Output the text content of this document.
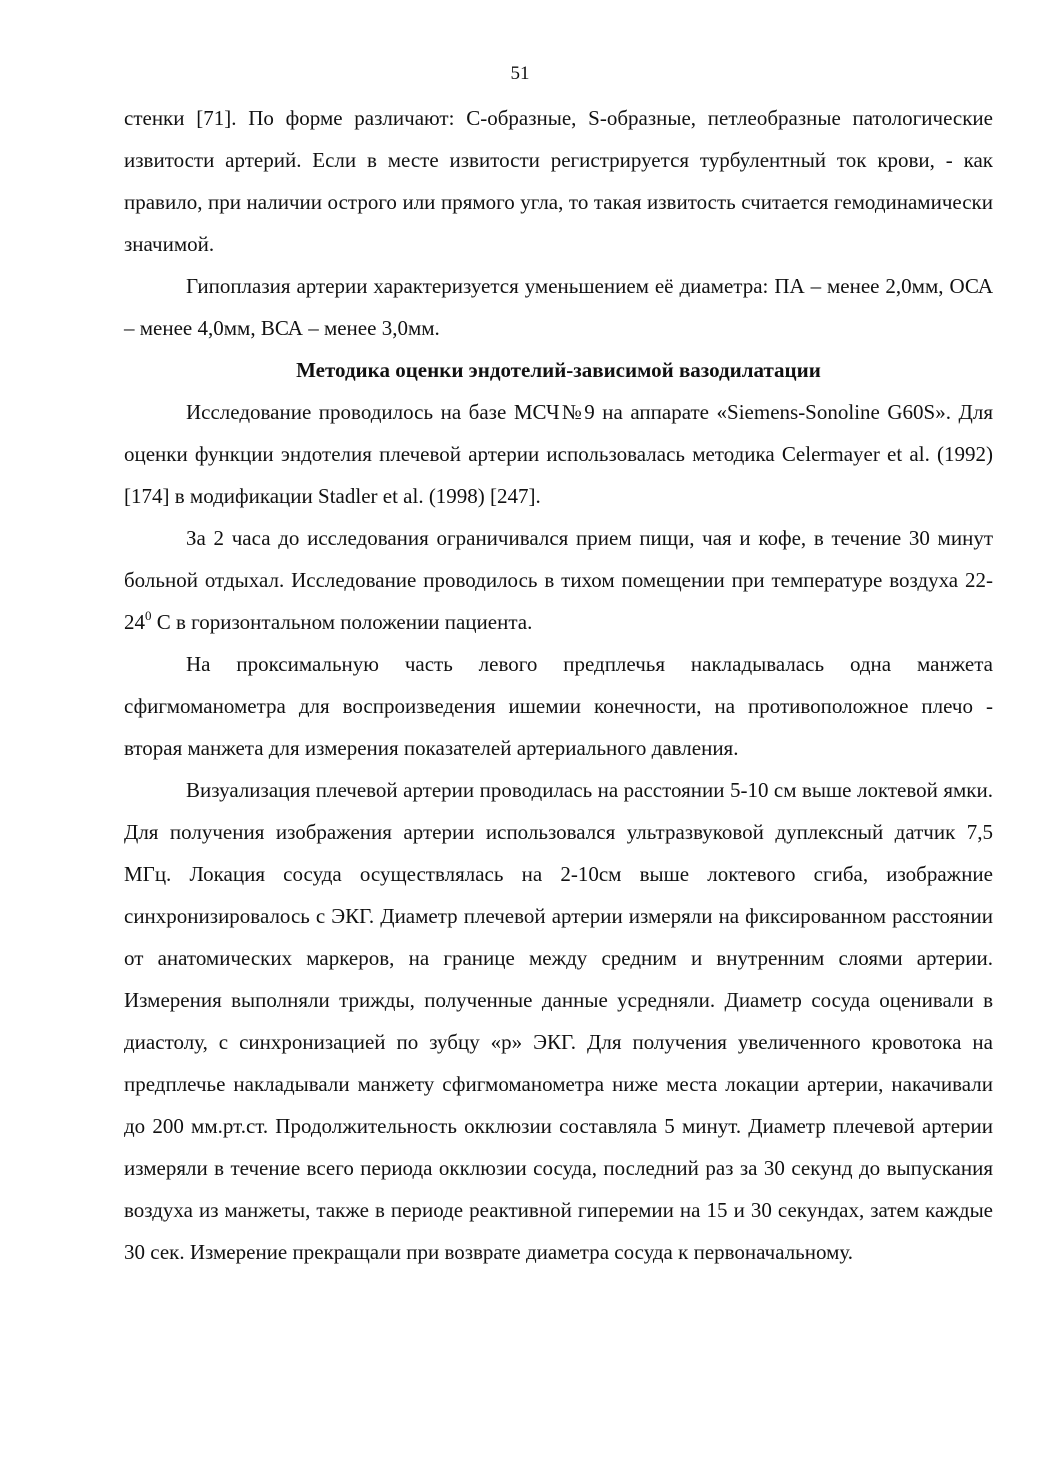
51

стенки [71]. По форме различают: С-образные, S-образные, петлеобразные патологические извитости артерий. Если в месте извитости регистрируется турбулентный ток крови, - как правило, при наличии острого или прямого угла, то такая извитость считается гемодинамически значимой.

Гипоплазия артерии характеризуется уменьшением её диаметра: ПА – менее 2,0мм, ОСА – менее 4,0мм, ВСА – менее 3,0мм.

Методика оценки эндотелий-зависимой вазодилатации

Исследование проводилось на базе МСЧ№9 на аппарате «Siemens-Sonoline G60S». Для оценки функции эндотелия плечевой артерии использовалась методика Celermayer et al. (1992) [174] в модификации Stadler et al. (1998) [247].

За 2 часа до исследования ограничивался прием пищи, чая и кофе, в течение 30 минут больной отдыхал. Исследование проводилось в тихом помещении при температуре воздуха $22-24^0$ С в горизонтальном положении пациента.

На проксимальную часть левого предплечья накладывалась одна манжета сфигмоманометра для воспроизведения ишемии конечности, на противоположное плечо - вторая манжета для измерения показателей артериального давления.

Визуализация плечевой артерии проводилась на расстоянии 5-10 см выше локтевой ямки. Для получения изображения артерии использовался ультразвуковой дуплексный датчик 7,5 МГц. Локация сосуда осуществлялась на 2-10см выше локтевого сгиба, изображние синхронизировалось с ЭКГ. Диаметр плечевой артерии измеряли на фиксированном расстоянии от анатомических маркеров, на границе между средним и внутренним слоями артерии. Измерения выполняли трижды, полученные данные усредняли. Диаметр сосуда оценивали в диастолу, с синхронизацией по зубцу «р» ЭКГ. Для получения увеличенного кровотока на предплечье накладывали манжету сфигмоманометра ниже места локации артерии, накачивали до 200 мм.рт.ст. Продолжительность окклюзии составляла 5 минут. Диаметр плечевой артерии измеряли в течение всего периода окклюзии сосуда, последний раз за 30 секунд до выпускания воздуха из манжеты, также в периоде реактивной гиперемии на 15 и 30 секундах, затем каждые 30 сек. Измерение прекращали при возврате диаметра сосуда к первоначальному.
